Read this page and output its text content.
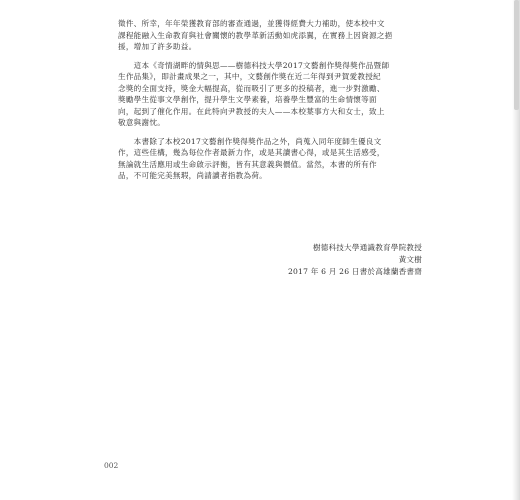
徵件、所幸，年年榮獲教育部的審查通過，並獲得經費大力補助，使本校中文
課程能融入生命教育與社會關懷的教學革新活動如虎添翼，在實務上因資源之挹
援，增加了許多助益。

　　這本《奇情湖畔的情與思——樹德科技大學2017文藝創作獎得獎作品暨師
生作品集》，即計畫成果之一，其中，文藝創作獎在近二年得到尹賀愛教授紀
念獎的全面支持，獎金大幅提高，從而吸引了更多的投稿者，進一步對激勵、
獎勵學生從事文學創作，提升學生文學素養，培養學生豐富的生命情懷等面
向，起到了催化作用。在此特向尹教授的夫人——本校葉事方大和女士，致上
敬意與謝忱。

　　本書除了本校2017文藝創作獎得獎作品之外，尚蒐入同年度師生優良文
作，這些佳構，幾為每位作者最新力作，或是其讀書心得，或是其生活感受，
無論就生活應用或生命啟示評衡，皆有其意義與價值。當然，本書的所有作
品，不可能完美無瑕，尚請讀者指教為荷。

樹德科技大學通識教育學院教授
黃文樹
2017 年 6 月 26 日書於高雄蘭香書齋
002
